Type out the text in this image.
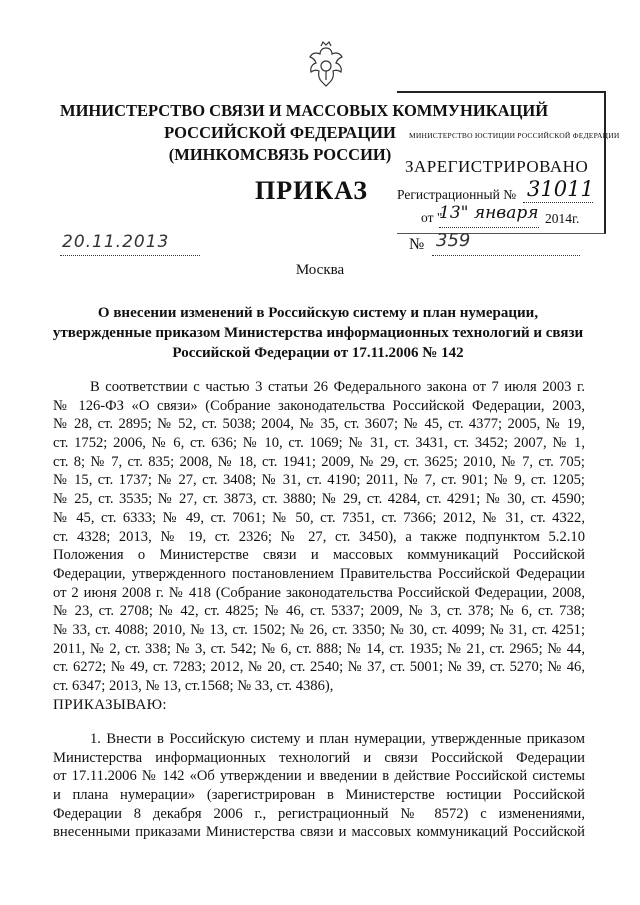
МИНИСТЕРСТВО СВЯЗИ И МАССОВЫХ КОММУНИКАЦИЙ
РОССИЙСКОЙ ФЕДЕРАЦИИ
(МИНКОМСВЯЗЬ РОССИИ)
ПРИКАЗ
МИНИСТЕРСТВО ЮСТИЦИИ РОССИЙСКОЙ ФЕДЕРАЦИИ
ЗАРЕГИСТРИРОВАНО
Регистрационный № 31011
от "
13" января 2014г.
20.11.2013	№ 359
Москва
О внесении изменений в Российскую систему и план нумерации,
утвержденные приказом Министерства информационных технологий и связи
Российской Федерации от 17.11.2006 № 142
В соответствии с частью 3 статьи 26 Федерального закона от 7 июля 2003 г.
№ 126-ФЗ «О связи» (Собрание законодательства Российской Федерации, 2003,
№ 28, ст. 2895; № 52, ст. 5038; 2004, № 35, ст. 3607; № 45, ст. 4377; 2005, № 19,
ст. 1752; 2006, № 6, ст. 636; № 10, ст. 1069; № 31, ст. 3431, ст. 3452; 2007, № 1,
ст. 8; № 7, ст. 835; 2008, № 18, ст. 1941; 2009, № 29, ст. 3625; 2010, № 7, ст. 705;
№ 15, ст. 1737; № 27, ст. 3408; № 31, ст. 4190; 2011, № 7, ст. 901; № 9, ст. 1205;
№ 25, ст. 3535; № 27, ст. 3873, ст. 3880; № 29, ст. 4284, ст. 4291; № 30, ст. 4590;
№ 45, ст. 6333; № 49, ст. 7061; № 50, ст. 7351, ст. 7366; 2012, № 31, ст. 4322,
ст. 4328; 2013, № 19, ст. 2326; № 27, ст. 3450), а также подпунктом 5.2.10
Положения о Министерстве связи и массовых коммуникаций Российской
Федерации, утвержденного постановлением Правительства Российской Федерации
от 2 июня 2008 г. № 418 (Собрание законодательства Российской Федерации, 2008,
№ 23, ст. 2708; № 42, ст. 4825; № 46, ст. 5337; 2009, № 3, ст. 378; № 6, ст. 738;
№ 33, ст. 4088; 2010, № 13, ст. 1502; № 26, ст. 3350; № 30, ст. 4099; № 31, ст. 4251;
2011, № 2, ст. 338; № 3, ст. 542; № 6, ст. 888; № 14, ст. 1935; № 21, ст. 2965; № 44,
ст. 6272; № 49, ст. 7283; 2012, № 20, ст. 2540; № 37, ст. 5001; № 39, ст. 5270; № 46,
ст. 6347; 2013, № 13, ст.1568; № 33, ст. 4386),
ПРИКАЗЫВАЮ:
1. Внести в Российскую систему и план нумерации, утвержденные приказом
Министерства информационных технологий и связи Российской Федерации
от 17.11.2006 № 142 «Об утверждении и введении в действие Российской системы
и плана нумерации» (зарегистрирован в Министерстве юстиции Российской
Федерации 8 декабря 2006 г., регистрационный № 8572) с изменениями,
внесенными приказами Министерства связи и массовых коммуникаций Российской
